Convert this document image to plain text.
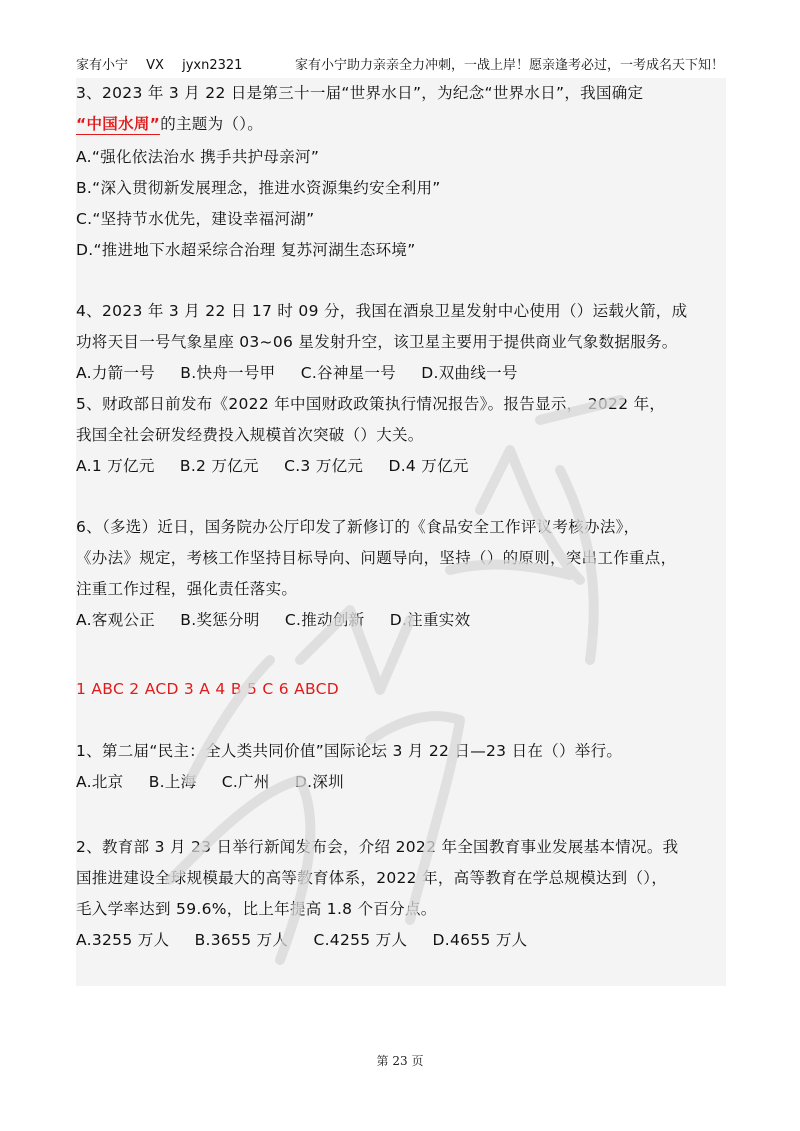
家有小宁 VX jyxn2321	家有小宁助力亲亲全力冲刺，一战上岸！愿亲逢考必过，一考成名天下知！
3、2023 年 3 月 22 日是第三十一届“世界水日”，为纪念“世界水日”，我国确定
“中国水周”的主题为（）。
A.“强化依法治水 携手共护母亲河”
B.“深入贯彻新发展理念，推进水资源集约安全利用”
C.“坚持节水优先，建设幸福河湖”
D.“推进地下水超采综合治理 复苏河湖生态环境”
4、2023 年 3 月 22 日 17 时 09 分，我国在酒泉卫星发射中心使用（）运载火箭，成
功将天目一号气象星座 03~06 星发射升空，该卫星主要用于提供商业气象数据服务。
A.力箭一号 B.快舟一号甲 C.谷神星一号 D.双曲线一号
5、财政部日前发布《2022 年中国财政政策执行情况报告》。报告显示， 2022 年，
我国全社会研发经费投入规模首次突破（）大关。
A.1 万亿元 B.2 万亿元 C.3 万亿元 D.4 万亿元
6、（多选）近日，国务院办公厅印发了新修订的《食品安全工作评议考核办法》，
《办法》规定，考核工作坚持目标导向、问题导向，坚持（）的原则，突出工作重点，
注重工作过程，强化责任落实。
A.客观公正 B.奖惩分明 C.推动创新 D.注重实效
1 ABC 2 ACD 3 A 4 B 5 C 6 ABCD
1、第二届“民主：全人类共同价值”国际论坛 3 月 22 日—23 日在（）举行。
A.北京 B.上海 C.广州 D.深圳
2、教育部 3 月 23 日举行新闻发布会，介绍 2022 年全国教育事业发展基本情况。我
国推进建设全球规模最大的高等教育体系，2022 年，高等教育在学总规模达到（），
毛入学率达到 59.6%，比上年提高 1.8 个百分点。
A.3255 万人 B.3655 万人 C.4255 万人 D.4655 万人
第 23 页
